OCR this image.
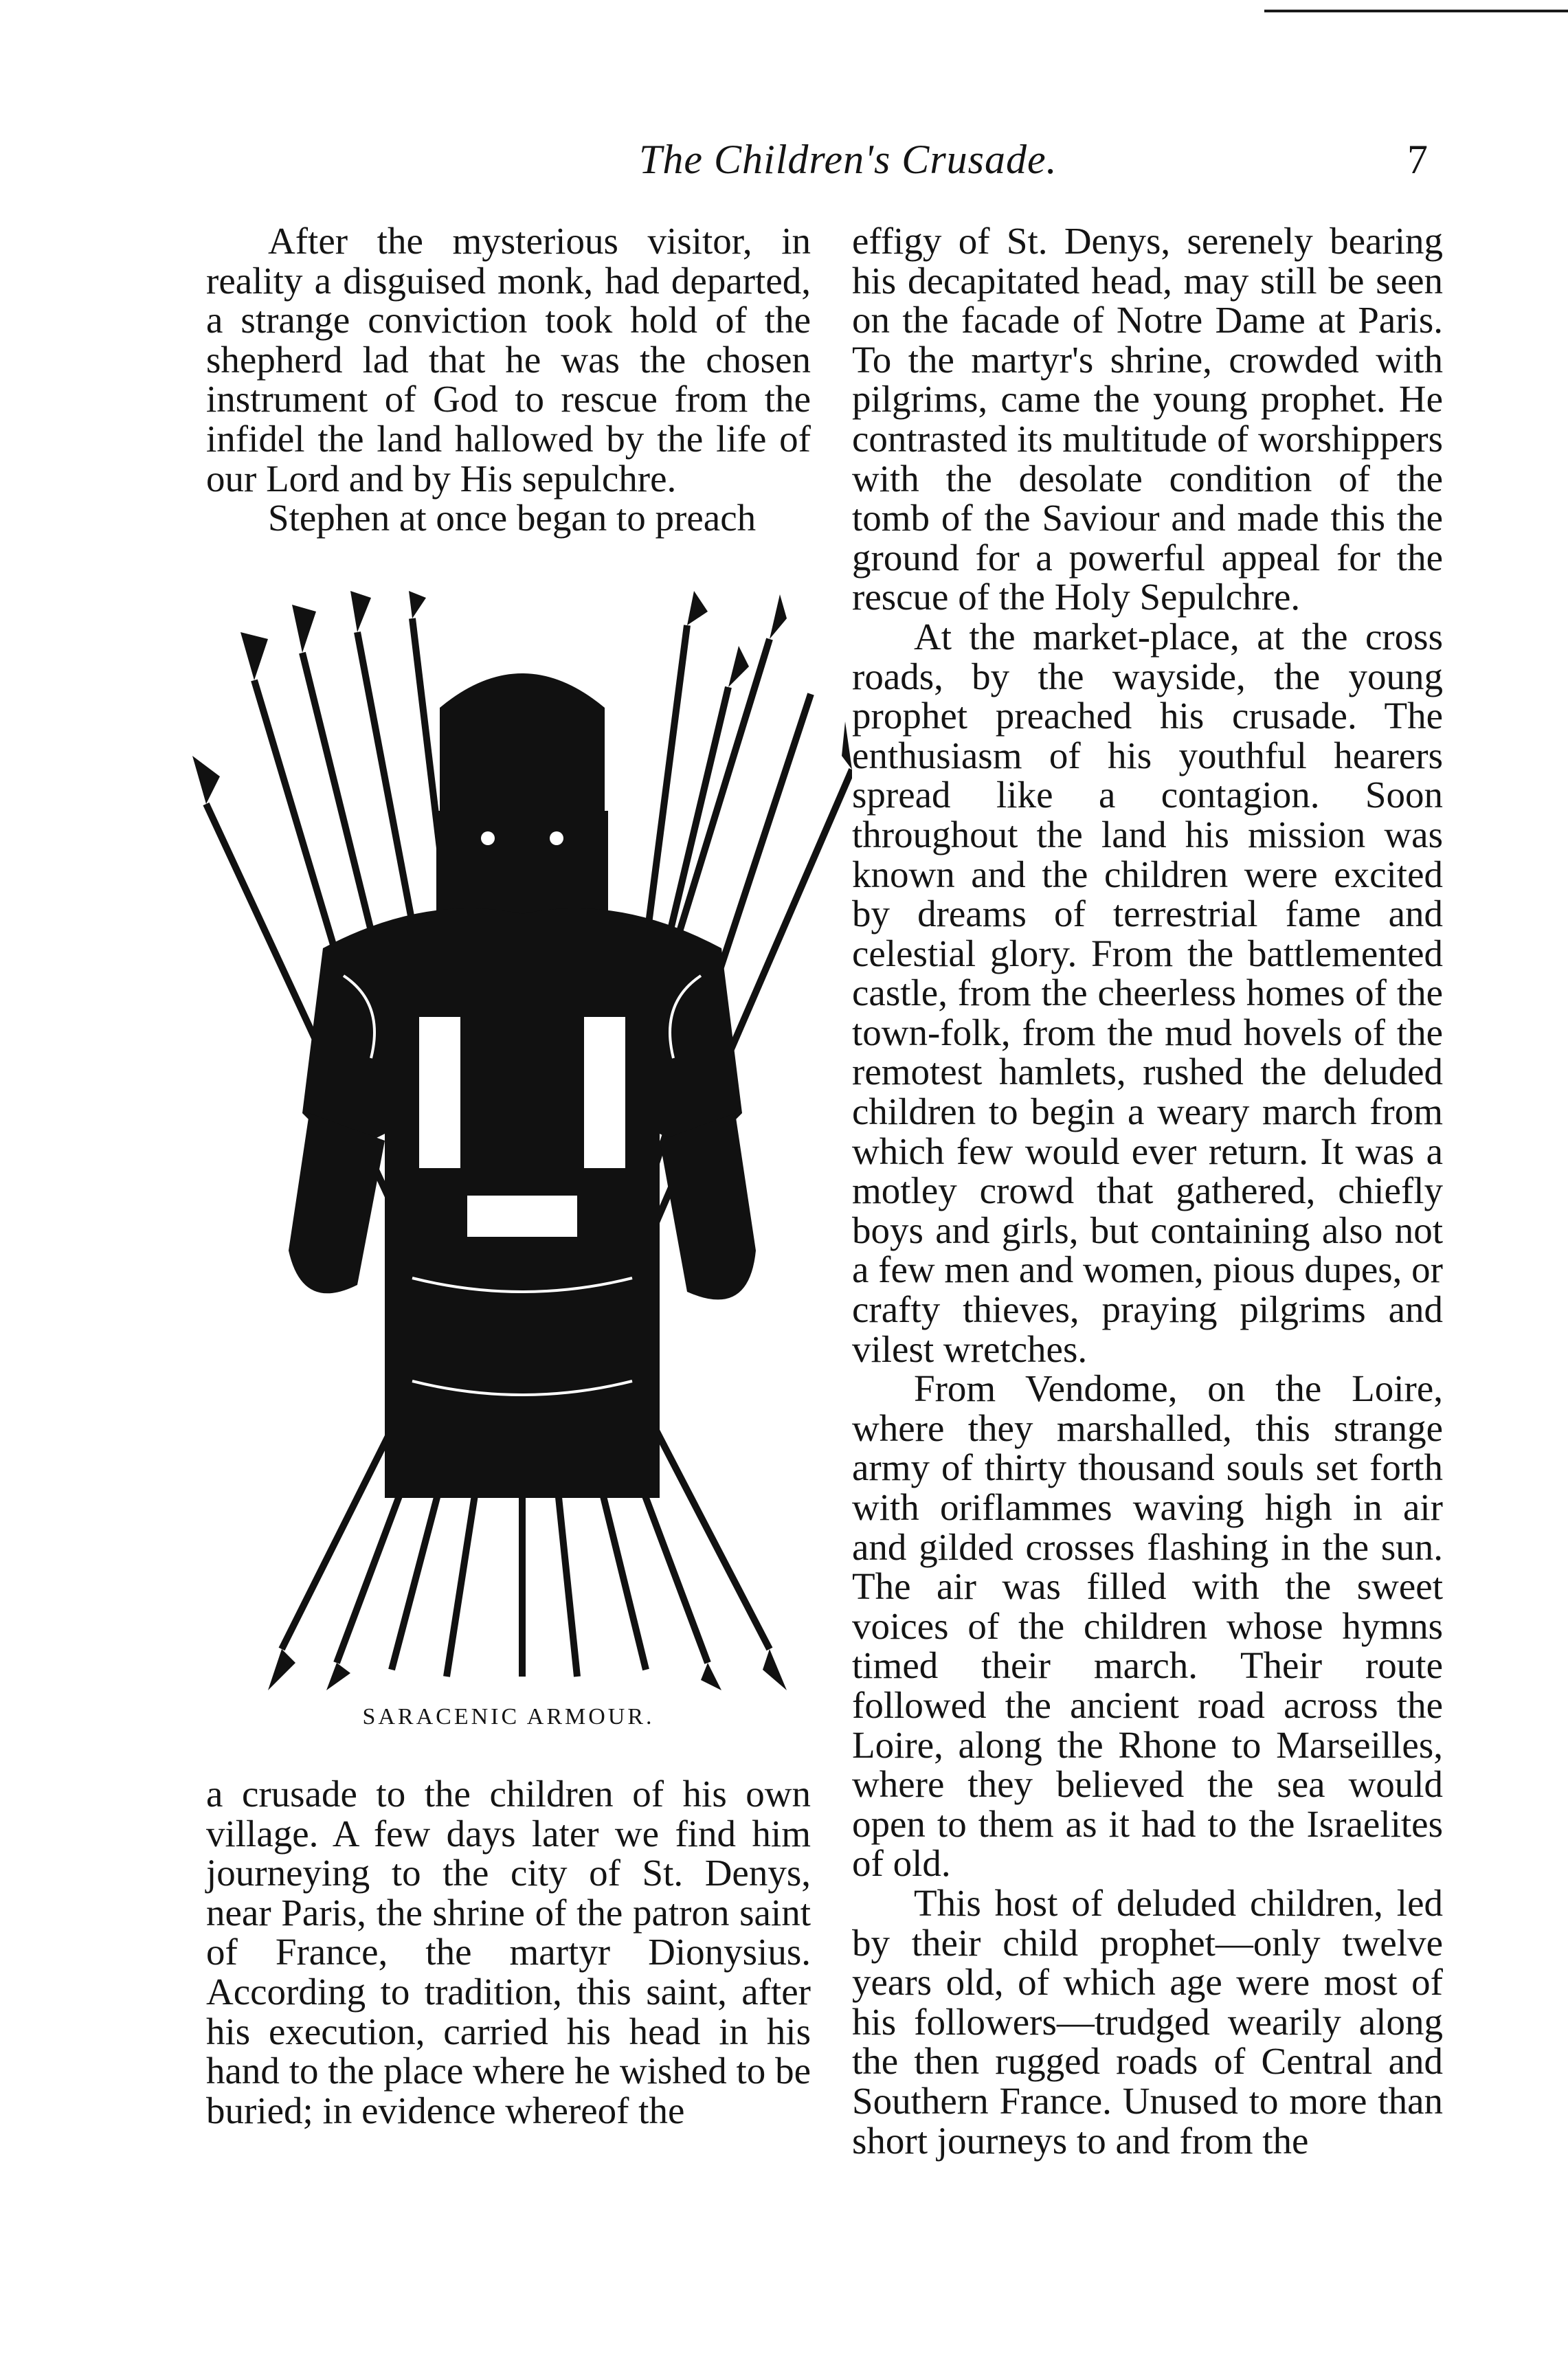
The Children's Crusade.	7

After the mysterious visitor, in reality a disguised monk, had departed, a strange conviction took hold of the shepherd lad that he was the chosen instrument of God to rescue from the infidel the land hallowed by the life of our Lord and by His sepulchre.

Stephen at once began to preach

SARACENIC ARMOUR.

a crusade to the children of his own village. A few days later we find him journeying to the city of St. Denys, near Paris, the shrine of the patron saint of France, the martyr Dionysius. According to tradition, this saint, after his execution, carried his head in his hand to the place where he wished to be buried; in evidence whereof the

effigy of St. Denys, serenely bearing his decapitated head, may still be seen on the facade of Notre Dame at Paris. To the martyr's shrine, crowded with pilgrims, came the young prophet. He contrasted its multitude of worshippers with the desolate condition of the tomb of the Saviour and made this the ground for a powerful appeal for the rescue of the Holy Sepulchre.

At the market-place, at the cross roads, by the wayside, the young prophet preached his crusade. The enthusiasm of his youthful hearers spread like a contagion. Soon throughout the land his mission was known and the children were excited by dreams of terrestrial fame and celestial glory. From the battlemented castle, from the cheerless homes of the town-folk, from the mud hovels of the remotest hamlets, rushed the deluded children to begin a weary march from which few would ever return. It was a motley crowd that gathered, chiefly boys and girls, but containing also not a few men and women, pious dupes, or crafty thieves, praying pilgrims and vilest wretches.

From Vendome, on the Loire, where they marshalled, this strange army of thirty thousand souls set forth with oriflammes waving high in air and gilded crosses flashing in the sun. The air was filled with the sweet voices of the children whose hymns timed their march. Their route followed the ancient road across the Loire, along the Rhone to Marseilles, where they believed the sea would open to them as it had to the Israelites of old.

This host of deluded children, led by their child prophet—only twelve years old, of which age were most of his followers—trudged wearily along the then rugged roads of Central and Southern France. Unused to more than short journeys to and from the
